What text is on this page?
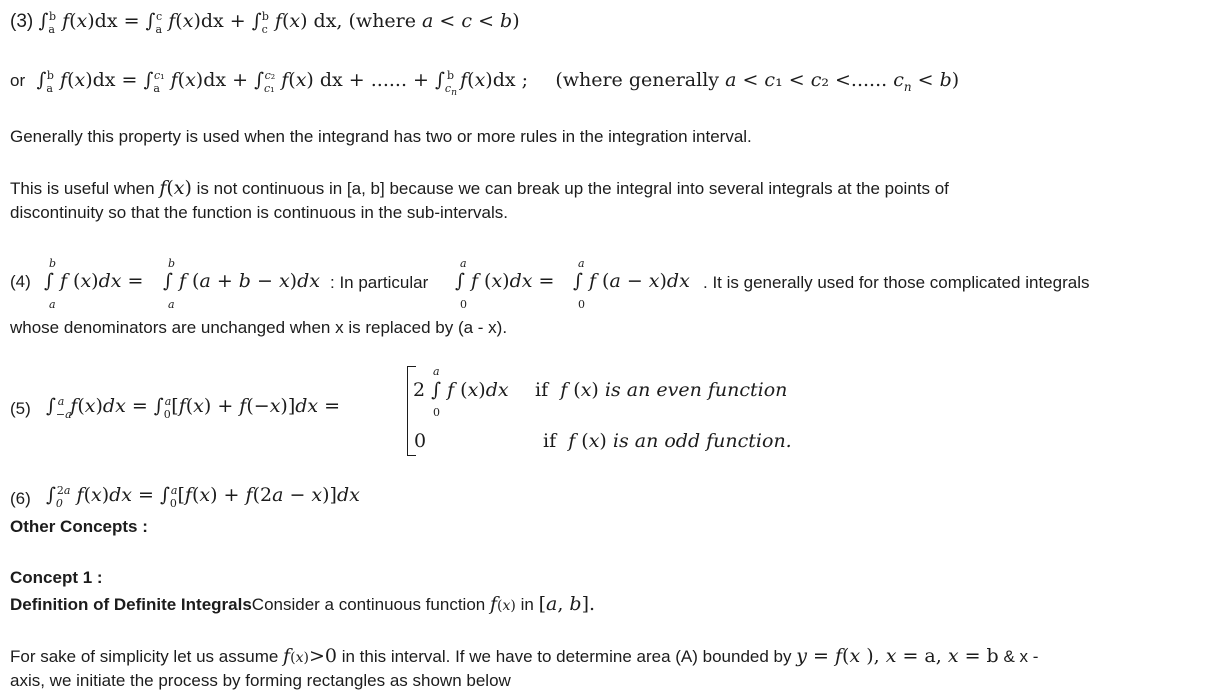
(3) $\int_a^b$ $f(x)dx = \int_a^c$ $f(x)dx + \int_c^b$ f(x) dx, (where a < c < b)
or  $\int_a^b$ $f(x)dx = \int_a^{c_1}$ $f(x)dx + \int_{c_1}^{c_2}$ f(x) dx + ...... + $\int_{c_n}^b$ f(x)dx ; (where generally a < c₁ < c₂ <...... $c_n < b$)
Generally this property is used when the integrand has two or more rules in the integration interval.
This is useful when f(x) is not continuous in [a, b] because we can break up the integral into several integrals at the points of
discontinuity so that the function is continuous in the sub-intervals.
(4)
b
a
∫ f (x)dx =
b
a
∫ f (a + b − x)dx : In particular
a
0
∫ f (x)dx =
a
0
∫ f (a − x)dx . It is generally used for those complicated integrals
whose denominators are unchanged when x is replaced by (a - x).
(5) $\int_{-a}^a$ $f(x)dx = \int_0^a[f(x) + f(-x)]dx$ =
a
0
2 ∫ f (x)dx if f (x) is an even function
0	if f (x) is an odd function.
(6) $\int_0^{2a}$ $f(x)dx = \int_0^a[f(x) + f(2a - x)]dx$
Other Concepts :
Concept 1 :
Definition of Definite IntegralsConsider a continuous function f(x) in [a, b].
For sake of simplicity let us assume f(x)>0 in this interval. If we have to determine area (A) bounded by y = f(x ), x = a, x = b & x -
axis, we initiate the process by forming rectangles as shown below
